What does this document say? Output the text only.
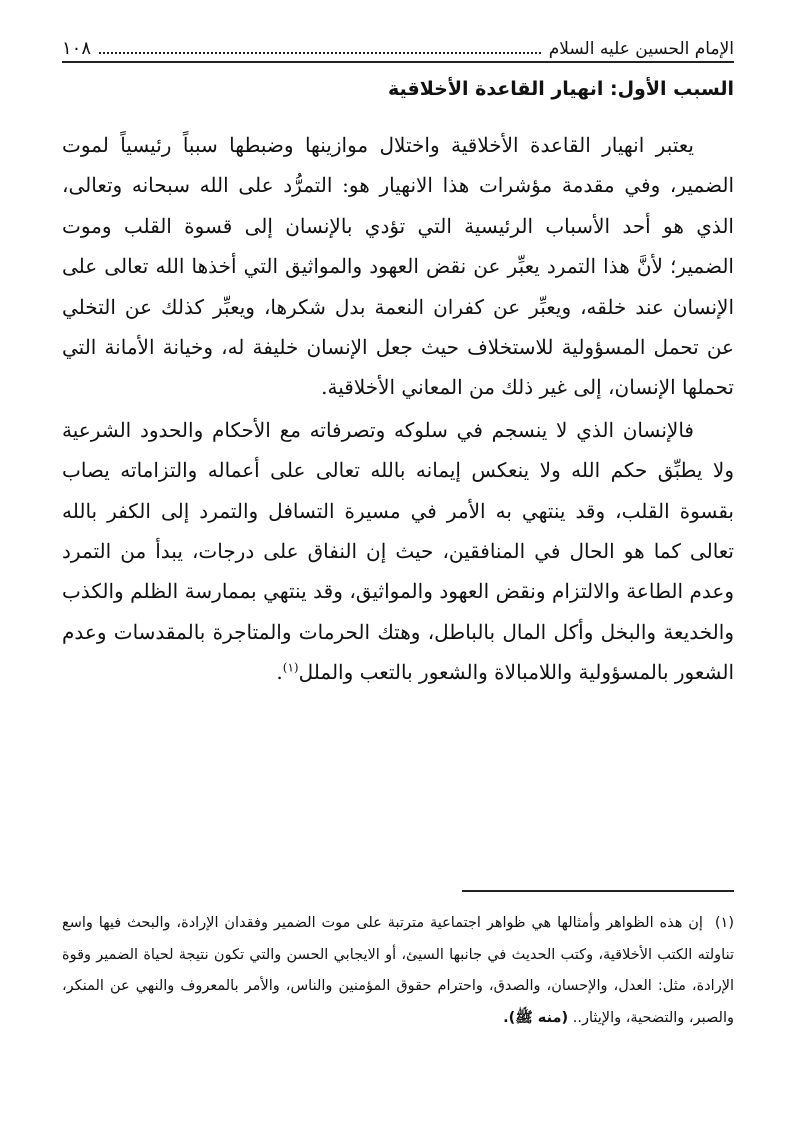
الإمام الحسين عليه السلام
١٠٨
السبب الأول: انهيار القاعدة الأخلاقية

يعتبر انهيار القاعدة الأخلاقية واختلال موازينها وضبطها سبباً رئيسياً لموت الضمير، وفي مقدمة مؤشرات هذا الانهيار هو: التمرُّد على الله سبحانه وتعالى، الذي هو أحد الأسباب الرئيسية التي تؤدي بالإنسان إلى قسوة القلب وموت الضمير؛ لأنَّ هذا التمرد يعبِّر عن نقض العهود والمواثيق التي أخذها الله تعالى على الإنسان عند خلقه، ويعبِّر عن كفران النعمة بدل شكرها، ويعبِّر كذلك عن التخلي عن تحمل المسؤولية للاستخلاف حيث جعل الإنسان خليفة له، وخيانة الأمانة التي تحملها الإنسان، إلى غير ذلك من المعاني الأخلاقية.

فالإنسان الذي لا ينسجم في سلوكه وتصرفاته مع الأحكام والحدود الشرعية ولا يطبِّق حكم الله ولا ينعكس إيمانه بالله تعالى على أعماله والتزاماته يصاب بقسوة القلب، وقد ينتهي به الأمر في مسيرة التسافل والتمرد إلى الكفر بالله تعالى كما هو الحال في المنافقين، حيث إن النفاق على درجات، يبدأ من التمرد وعدم الطاعة والالتزام ونقض العهود والمواثيق، وقد ينتهي بممارسة الظلم والكذب والخديعة والبخل وأكل المال بالباطل، وهتك الحرمات والمتاجرة بالمقدسات وعدم الشعور بالمسؤولية واللامبالاة والشعور بالتعب والملل$^{(١)}$.

(١) إن هذه الظواهر وأمثالها هي ظواهر اجتماعية مترتبة على موت الضمير وفقدان الإرادة، والبحث فيها واسع تناولته الكتب الأخلاقية، وكتب الحديث في جانبها السيئ، أو الايجابي الحسن والتي تكون نتيجة لحياة الضمير وقوة الإرادة، مثل: العدل، والإحسان، والصدق، واحترام حقوق المؤمنين والناس، والأمر بالمعروف والنهي عن المنكر، والصبر، والتضحية، والإيثار.. (منه ﷺ).
